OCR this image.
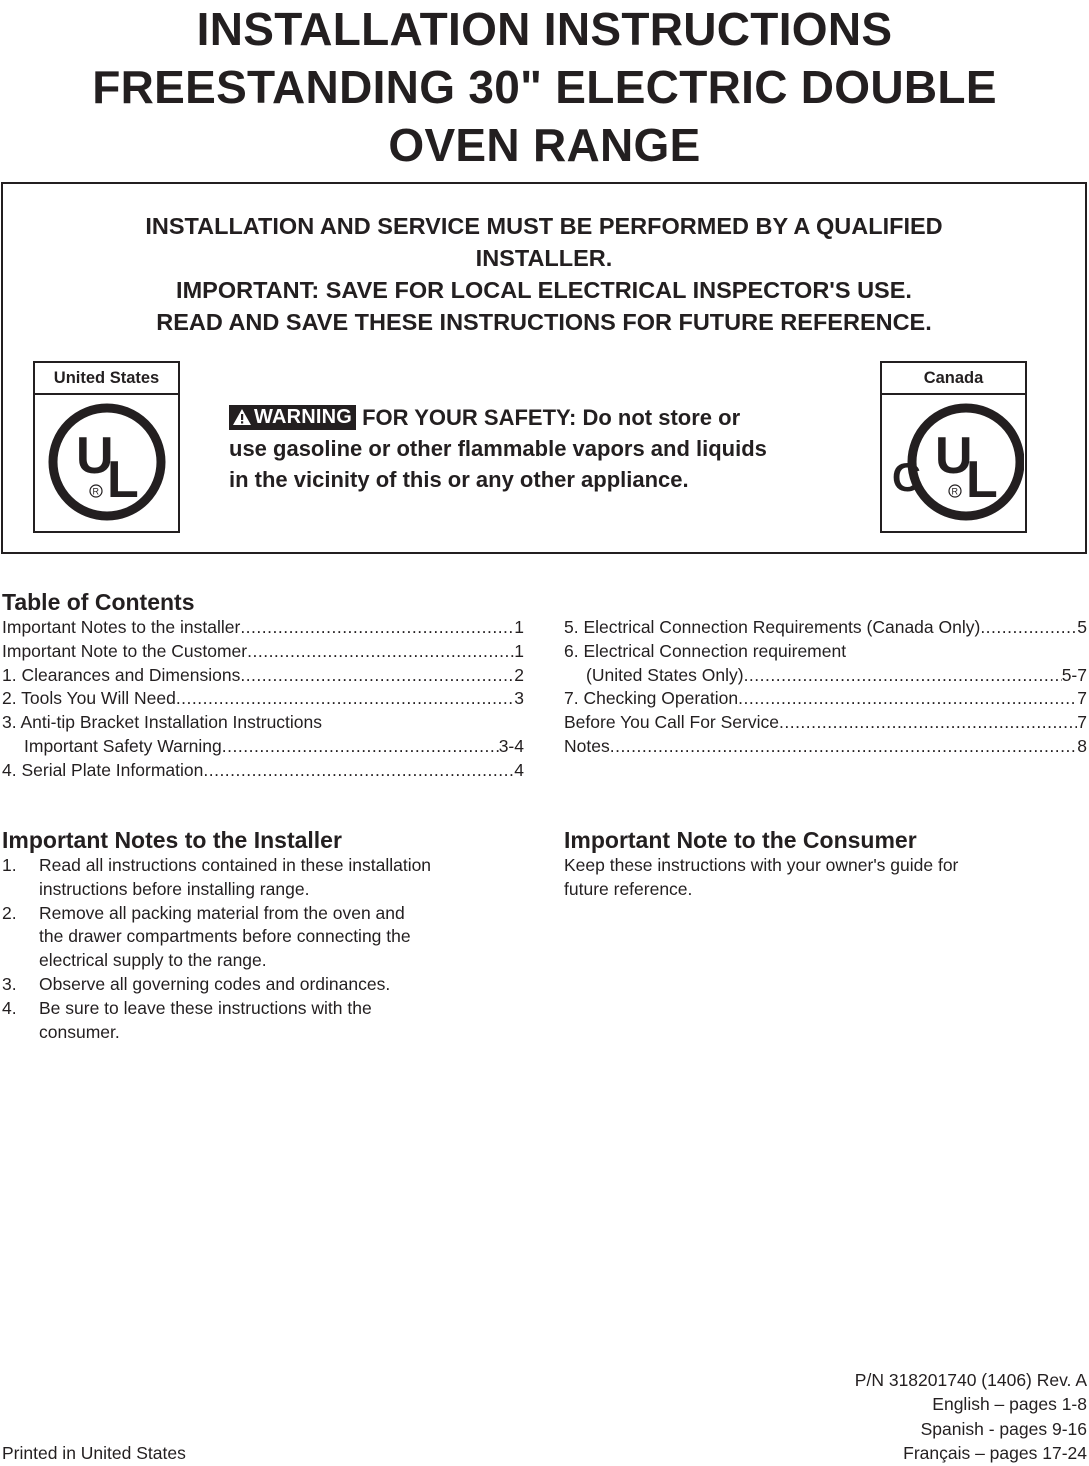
INSTALLATION INSTRUCTIONS
FREESTANDING 30" ELECTRIC DOUBLE
OVEN RANGE
INSTALLATION AND SERVICE MUST BE PERFORMED BY A QUALIFIED
INSTALLER.
IMPORTANT: SAVE FOR LOCAL ELECTRICAL INSPECTOR'S USE.
READ AND SAVE THESE INSTRUCTIONS FOR FUTURE REFERENCE.
United States
U
L
R
WARNING FOR YOUR SAFETY: Do not store or
use gasoline or other flammable vapors and liquids
in the vicinity of this or any other appliance.
Canada
C U
L
R
Table of Contents
Important Notes to the installer .....	1
Important Note to the Customer .....	1
1. Clearances and Dimensions .....	2
2. Tools You Will Need .....	3
3. Anti-tip Bracket Installation Instructions
Important Safety Warning .....	3-4
4. Serial Plate Information .....	4
5. Electrical Connection Requirements (Canada Only) .....	5
6. Electrical Connection requirement
(United States Only) .....	5-7
7. Checking Operation .....	7
Before You Call For Service .....	7
Notes .....	8
Important Notes to the Installer
1. Read all instructions contained in these installation
instructions before installing range.
2. Remove all packing material from the oven and
the drawer compartments before connecting the
electrical supply to the range.
3. Observe all governing codes and ordinances.
4. Be sure to leave these instructions with the
consumer.
Important Note to the Consumer
Keep these instructions with your owner's guide for
future reference.
P/N 318201740 (1406) Rev. A
English – pages 1-8
Spanish - pages 9-16
Français – pages 17-24
Printed in United States
